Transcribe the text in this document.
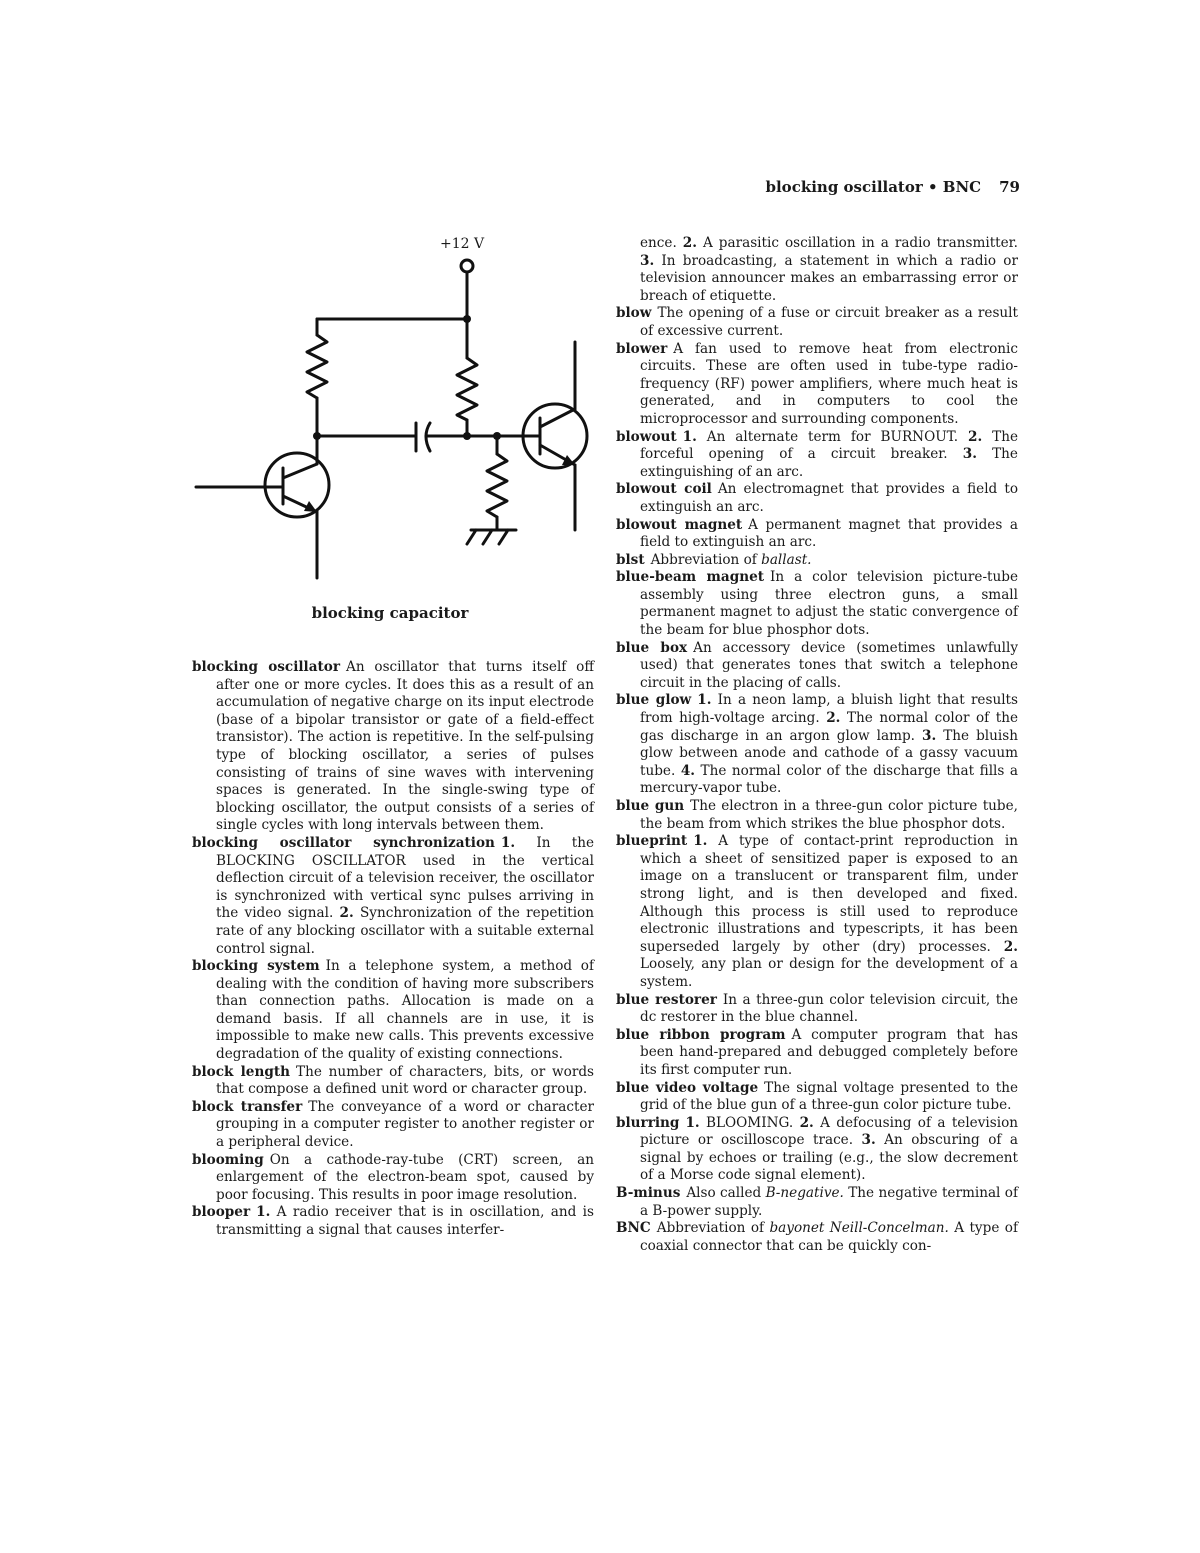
blocking oscillator • BNC 79
+12 V
blocking capacitor

blocking oscillator An oscillator that turns itself off after one or more cycles. It does this as a result of an accumulation of negative charge on its input electrode (base of a bipolar transistor or gate of a field-effect transistor). The action is repetitive. In the self-pulsing type of blocking oscillator, a series of pulses consisting of trains of sine waves with intervening spaces is generated. In the single-swing type of blocking oscillator, the output consists of a series of single cycles with long intervals between them.

blocking oscillator synchronization 1. In the BLOCKING OSCILLATOR used in the vertical deflection circuit of a television receiver, the oscillator is synchronized with vertical sync pulses arriving in the video signal. 2. Synchronization of the repetition rate of any blocking oscillator with a suitable external control signal.

blocking system In a telephone system, a method of dealing with the condition of having more subscribers than connection paths. Allocation is made on a demand basis. If all channels are in use, it is impossible to make new calls. This prevents excessive degradation of the quality of existing connections.

block length The number of characters, bits, or words that compose a defined unit word or character group.

block transfer The conveyance of a word or character grouping in a computer register to another register or a peripheral device.

blooming On a cathode-ray-tube (CRT) screen, an enlargement of the electron-beam spot, caused by poor focusing. This results in poor image resolution.

blooper 1. A radio receiver that is in oscillation, and is transmitting a signal that causes interfer-

ence. 2. A parasitic oscillation in a radio transmitter. 3. In broadcasting, a statement in which a radio or television announcer makes an embarrassing error or breach of etiquette.

blow The opening of a fuse or circuit breaker as a result of excessive current.

blower A fan used to remove heat from electronic circuits. These are often used in tube-type radio-frequency (RF) power amplifiers, where much heat is generated, and in computers to cool the microprocessor and surrounding components.

blowout 1. An alternate term for BURNOUT. 2. The forceful opening of a circuit breaker. 3. The extinguishing of an arc.

blowout coil An electromagnet that provides a field to extinguish an arc.

blowout magnet A permanent magnet that provides a field to extinguish an arc.

blst Abbreviation of ballast.

blue-beam magnet In a color television picture-tube assembly using three electron guns, a small permanent magnet to adjust the static convergence of the beam for blue phosphor dots.

blue box An accessory device (sometimes unlawfully used) that generates tones that switch a telephone circuit in the placing of calls.

blue glow 1. In a neon lamp, a bluish light that results from high-voltage arcing. 2. The normal color of the gas discharge in an argon glow lamp. 3. The bluish glow between anode and cathode of a gassy vacuum tube. 4. The normal color of the discharge that fills a mercury-vapor tube.

blue gun The electron in a three-gun color picture tube, the beam from which strikes the blue phosphor dots.

blueprint 1. A type of contact-print reproduction in which a sheet of sensitized paper is exposed to an image on a translucent or transparent film, under strong light, and is then developed and fixed. Although this process is still used to reproduce electronic illustrations and typescripts, it has been superseded largely by other (dry) processes. 2. Loosely, any plan or design for the development of a system.

blue restorer In a three-gun color television circuit, the dc restorer in the blue channel.

blue ribbon program A computer program that has been hand-prepared and debugged completely before its first computer run.

blue video voltage The signal voltage presented to the grid of the blue gun of a three-gun color picture tube.

blurring 1. BLOOMING. 2. A defocusing of a television picture or oscilloscope trace. 3. An obscuring of a signal by echoes or trailing (e.g., the slow decrement of a Morse code signal element).

B-minus Also called B-negative. The negative terminal of a B-power supply.

BNC Abbreviation of bayonet Neill-Concelman. A type of coaxial connector that can be quickly con-
